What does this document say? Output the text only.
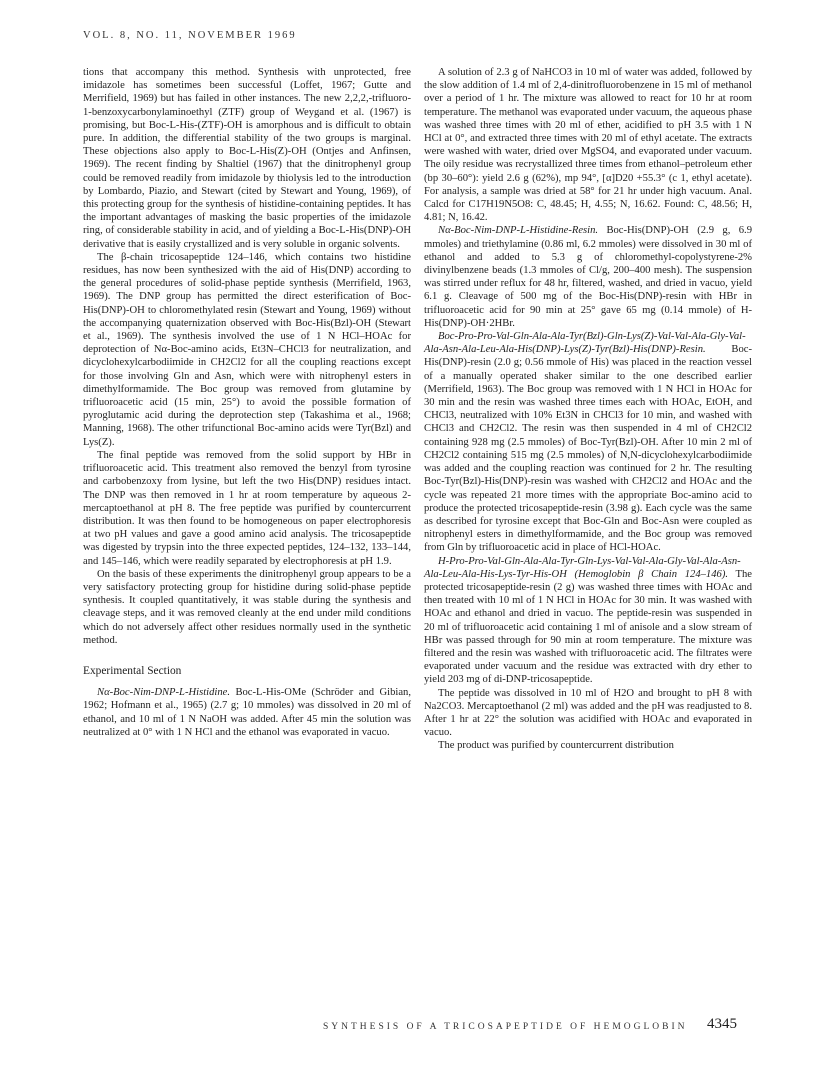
VOL. 8, NO. 11, NOVEMBER 1969

tions that accompany this method. Synthesis with unprotected, free imidazole has sometimes been successful (Loffet, 1967; Gutte and Merrifield, 1969) but has failed in other instances. The new 2,2,2,-trifluoro-1-benzoxycarbonylaminoethyl (ZTF) group of Weygand et al. (1967) is promising, but Boc-L-His-(ZTF)-OH is amorphous and is difficult to obtain pure. In addition, the differential stability of the two groups is marginal. These objections also apply to Boc-L-His(Z)-OH (Ontjes and Anfinsen, 1969). The recent finding by Shaltiel (1967) that the dinitrophenyl group could be removed readily from imidazole by thiolysis led to the introduction by Lombardo, Piazio, and Stewart (cited by Stewart and Young, 1969), of this protecting group for the synthesis of histidine-containing peptides. It has the important advantages of masking the basic properties of the imidazole ring, of considerable stability in acid, and of yielding a Boc-L-His(DNP)-OH derivative that is easily crystallized and is very soluble in organic solvents.

The β-chain tricosapeptide 124–146, which contains two histidine residues, has now been synthesized with the aid of His(DNP) according to the general procedures of solid-phase peptide synthesis (Merrifield, 1963, 1969). The DNP group has permitted the direct esterification of Boc-His(DNP)-OH to chloromethylated resin (Stewart and Young, 1969) without the accompanying quaternization observed with Boc-His(Bzl)-OH (Stewart et al., 1969). The synthesis involved the use of 1 N HCl–HOAc for deprotection of Nα-Boc-amino acids, Et3N–CHCl3 for neutralization, and dicyclohexylcarbodiimide in CH2Cl2 for all the coupling reactions except for those involving Gln and Asn, which were with nitrophenyl esters in dimethylformamide. The Boc group was removed from glutamine by trifluoroacetic acid (15 min, 25°) to avoid the possible formation of pyroglutamic acid during the deprotection step (Takashima et al., 1968; Manning, 1968). The other trifunctional Boc-amino acids were Tyr(Bzl) and Lys(Z).

The final peptide was removed from the solid support by HBr in trifluoroacetic acid. This treatment also removed the benzyl from tyrosine and carbobenzoxy from lysine, but left the two His(DNP) residues intact. The DNP was then removed in 1 hr at room temperature by aqueous 2-mercaptoethanol at pH 8. The free peptide was purified by countercurrent distribution. It was then found to be homogeneous on paper electrophoresis at two pH values and gave a good amino acid analysis. The tricosapeptide was digested by trypsin into the three expected peptides, 124–132, 133–144, and 145–146, which were readily separated by electrophoresis at pH 1.9.

On the basis of these experiments the dinitrophenyl group appears to be a very satisfactory protecting group for histidine during solid-phase peptide synthesis. It coupled quantitatively, it was stable during the synthesis and cleavage steps, and it was removed cleanly at the end under mild conditions which do not adversely affect other residues normally used in the synthetic method.

Experimental Section

Nα-Boc-Nim-DNP-L-Histidine. Boc-L-His-OMe (Schröder and Gibian, 1962; Hofmann et al., 1965) (2.7 g; 10 mmoles) was dissolved in 20 ml of ethanol, and 10 ml of 1 N NaOH was added. After 45 min the solution was neutralized at 0° with 1 N HCl and the ethanol was evaporated in vacuo.

A solution of 2.3 g of NaHCO3 in 10 ml of water was added, followed by the slow addition of 1.4 ml of 2,4-dinitrofluorobenzene in 15 ml of methanol over a period of 1 hr. The mixture was allowed to react for 10 hr at room temperature. The methanol was evaporated under vacuum, the aqueous phase was washed three times with 20 ml of ether, acidified to pH 3.5 with 1 N HCl at 0°, and extracted three times with 20 ml of ethyl acetate. The extracts were washed with water, dried over MgSO4, and evaporated under vacuum. The oily residue was recrystallized three times from ethanol–petroleum ether (bp 30–60°): yield 2.6 g (62%), mp 94°, [α]D20 +55.3° (c 1, ethyl acetate). For analysis, a sample was dried at 58° for 21 hr under high vacuum. Anal. Calcd for C17H19N5O8: C, 48.45; H, 4.55; N, 16.62. Found: C, 48.56; H, 4.81; N, 16.42.

Nα-Boc-Nim-DNP-L-Histidine-Resin. Boc-His(DNP)-OH (2.9 g, 6.9 mmoles) and triethylamine (0.86 ml, 6.2 mmoles) were dissolved in 30 ml of ethanol and added to 5.3 g of chloromethyl-copolystyrene-2% divinylbenzene beads (1.3 mmoles of Cl/g, 200–400 mesh). The suspension was stirred under reflux for 48 hr, filtered, washed, and dried in vacuo, yield 6.1 g. Cleavage of 500 mg of the Boc-His(DNP)-resin with HBr in trifluoroacetic acid for 90 min at 25° gave 65 mg (0.14 mmole) of H-His(DNP)-OH·2HBr.

Boc-Pro-Pro-Val-Gln-Ala-Ala-Tyr(Bzl)-Gln-Lys(Z)-Val-Val-Ala-Gly-Val-Ala-Asn-Ala-Leu-Ala-His(DNP)-Lys(Z)-Tyr(Bzl)-His(DNP)-Resin. Boc-His(DNP)-resin (2.0 g; 0.56 mmole of His) was placed in the reaction vessel of a manually operated shaker similar to the one described earlier (Merrifield, 1963). The Boc group was removed with 1 N HCl in HOAc for 30 min and the resin was washed three times each with HOAc, EtOH, and CHCl3, neutralized with 10% Et3N in CHCl3 for 10 min, and washed with CHCl3 and CH2Cl2. The resin was then suspended in 4 ml of CH2Cl2 containing 928 mg (2.5 mmoles) of Boc-Tyr(Bzl)-OH. After 10 min 2 ml of CH2Cl2 containing 515 mg (2.5 mmoles) of N,N-dicyclohexylcarbodiimide was added and the coupling reaction was continued for 2 hr. The resulting Boc-Tyr(Bzl)-His(DNP)-resin was washed with CH2Cl2 and HOAc and the cycle was repeated 21 more times with the appropriate Boc-amino acid to produce the protected tricosapeptide-resin (3.98 g). Each cycle was the same as described for tyrosine except that Boc-Gln and Boc-Asn were coupled as nitrophenyl esters in dimethylformamide, and the Boc group was removed from Gln by trifluoroacetic acid in place of HCl-HOAc.

H-Pro-Pro-Val-Gln-Ala-Ala-Tyr-Gln-Lys-Val-Val-Ala-Gly-Val-Ala-Asn-Ala-Leu-Ala-His-Lys-Tyr-His-OH (Hemoglobin β Chain 124–146). The protected tricosapeptide-resin (2 g) was washed three times with HOAc and then treated with 10 ml of 1 N HCl in HOAc for 30 min. It was washed with HOAc and ethanol and dried in vacuo. The peptide-resin was suspended in 20 ml of trifluoroacetic acid containing 1 ml of anisole and a slow stream of HBr was passed through for 90 min at room temperature. The mixture was filtered and the resin was washed with trifluoroacetic acid. The filtrates were evaporated under vacuum and the residue was extracted with dry ether to yield 203 mg of di-DNP-tricosapeptide.

The peptide was dissolved in 10 ml of H2O and brought to pH 8 with Na2CO3. Mercaptoethanol (2 ml) was added and the pH was readjusted to 8. After 1 hr at 22° the solution was acidified with HOAc and evaporated in vacuo.

The product was purified by countercurrent distribution

SYNTHESIS OF A TRICOSAPEPTIDE OF HEMOGLOBIN 4345
